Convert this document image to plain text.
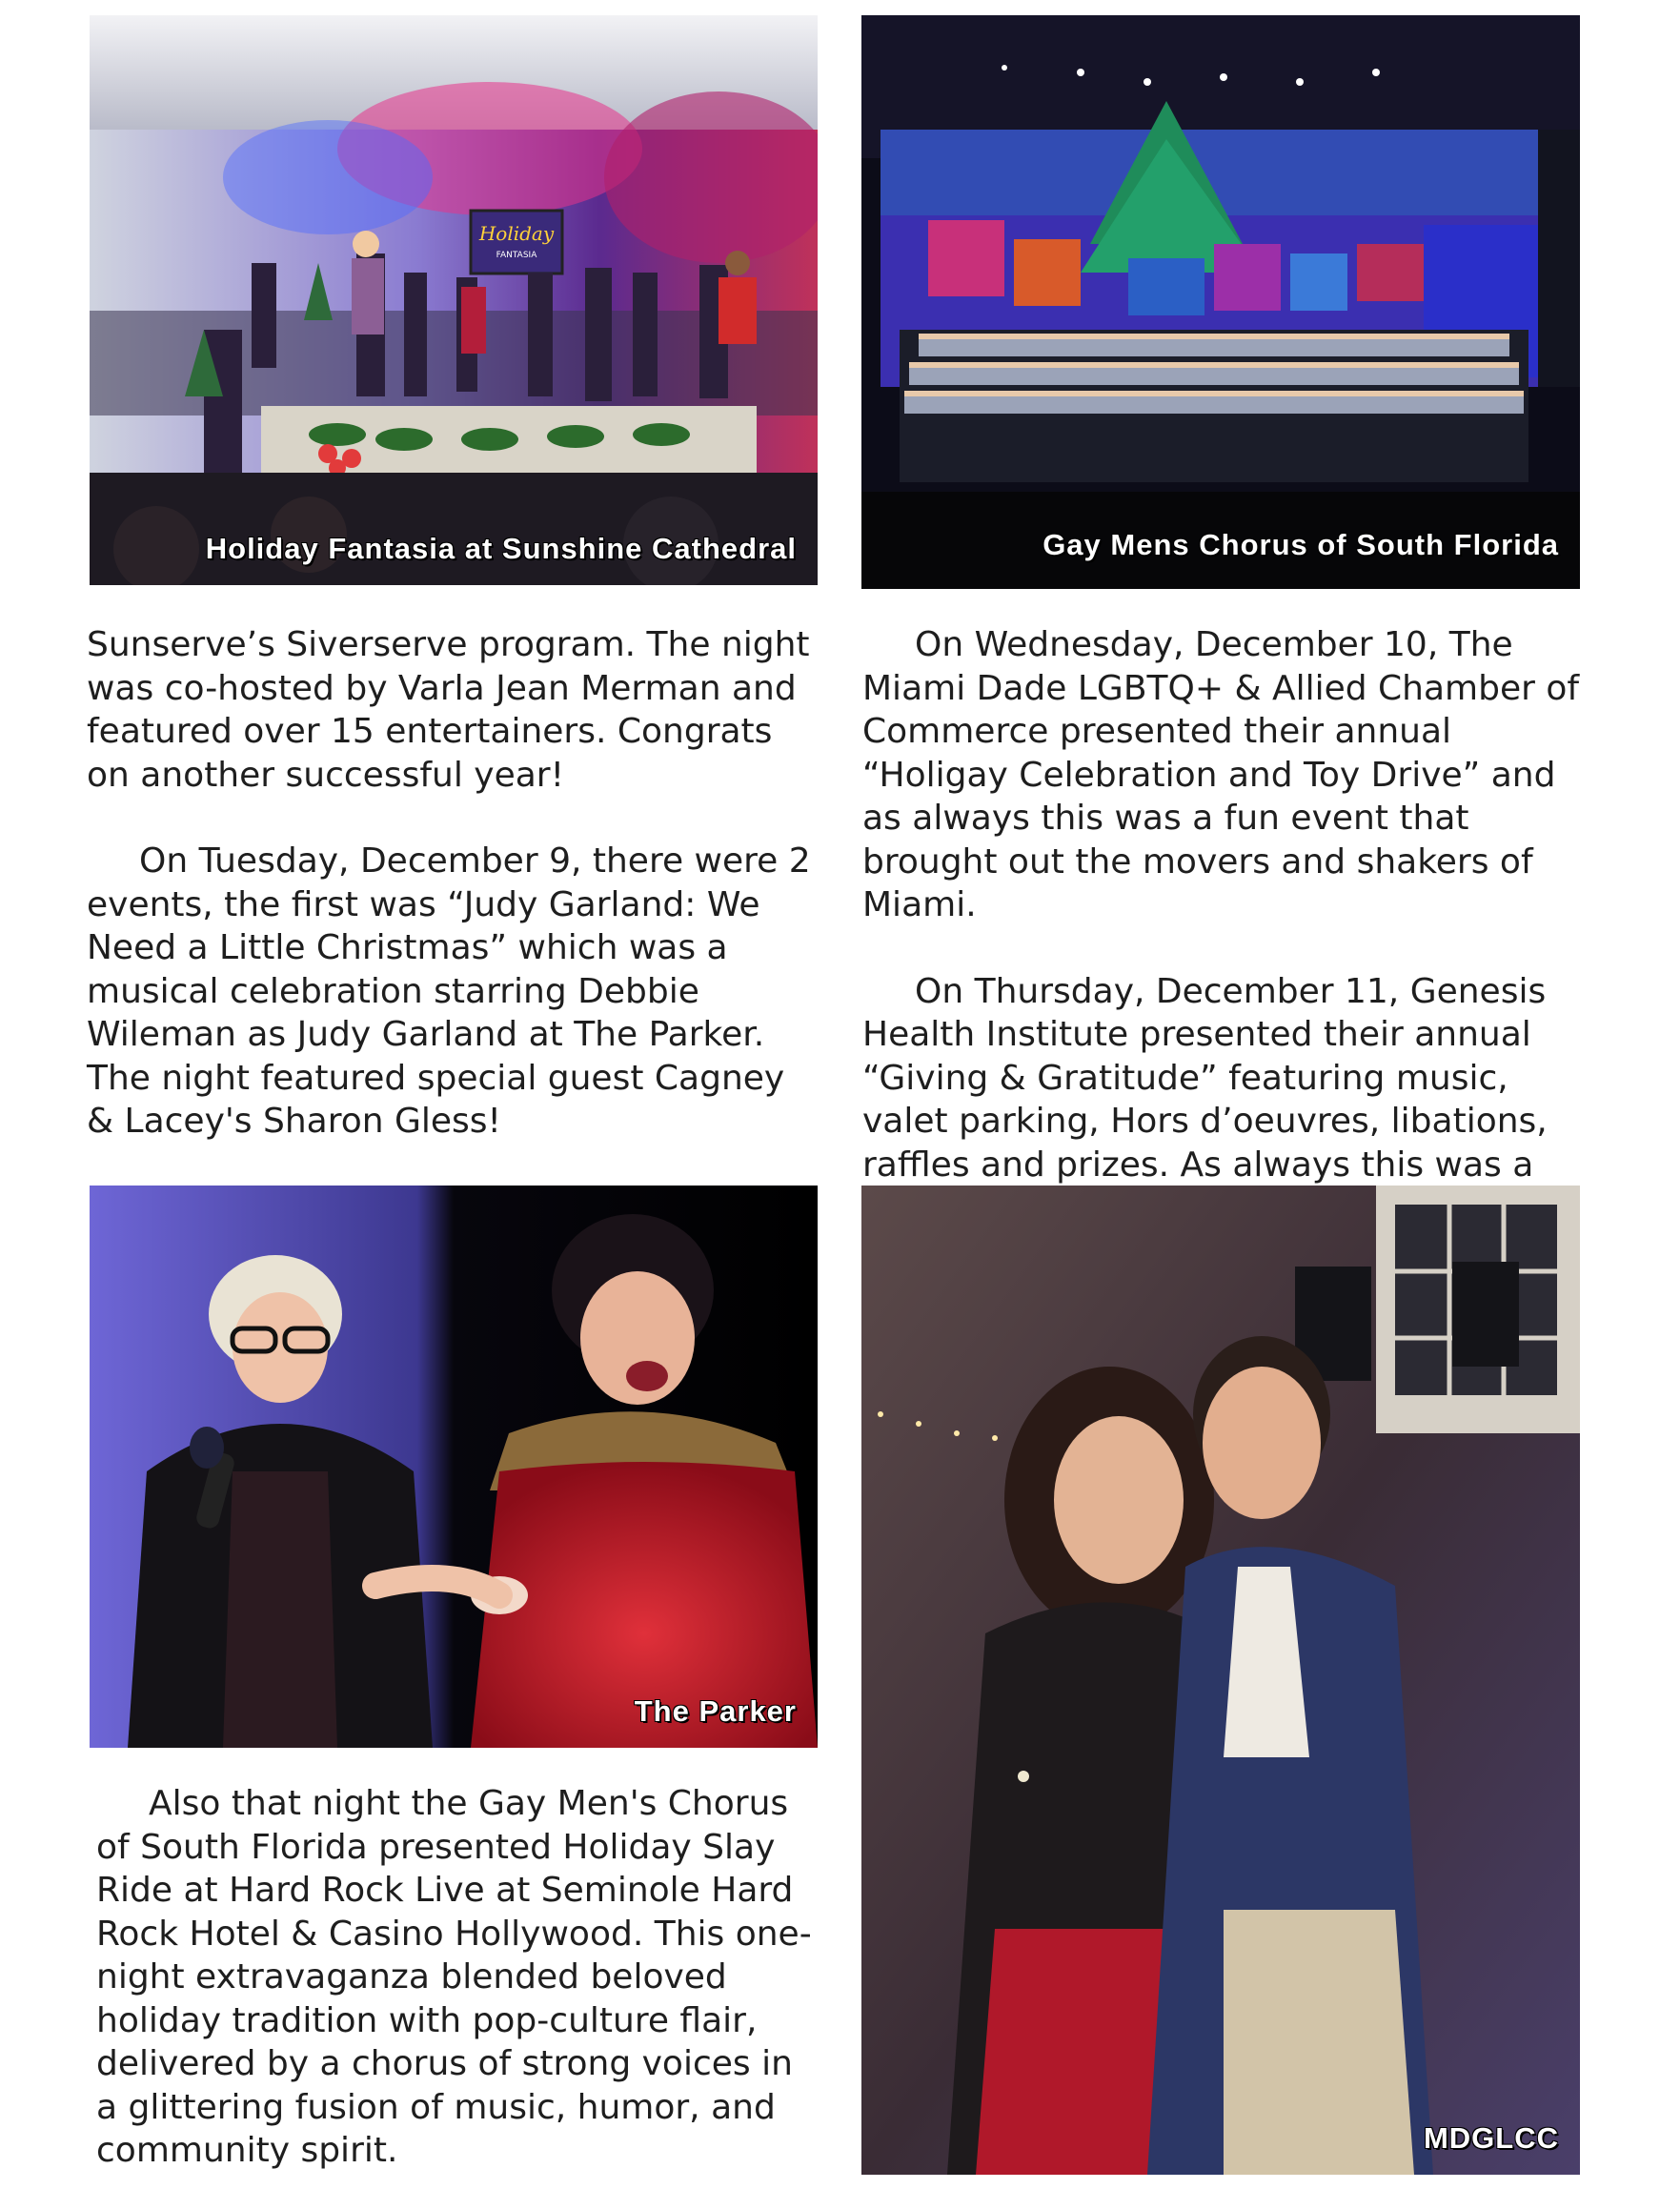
Holiday
FANTASIA
Holiday Fantasia at Sunshine Cathedral	Gay Mens Chorus of South Florida

Sunserve’s Siverserve program. The night was co-hosted by Varla Jean Merman and featured over 15 entertainers. Congrats on another successful year!

On Tuesday, December 9, there were 2 events, the first was “Judy Garland: We Need a Little Christmas” which was a musical celebration starring Debbie Wileman as Judy Garland at The Parker. The night featured special guest Cagney & Lacey's Sharon Gless!

On Wednesday, December 10, The Miami Dade LGBTQ+ & Allied Chamber of Commerce presented their annual “Holigay Celebration and Toy Drive” and as always this was a fun event that brought out the movers and shakers of Miami.

On Thursday, December 11, Genesis Health Institute presented their annual “Giving & Gratitude” featuring music, valet parking, Hors d’oeuvres, libations, raffles and prizes. As always this was a

The Parker

Also that night the Gay Men's Chorus of South Florida presented Holiday Slay Ride at Hard Rock Live at Seminole Hard Rock Hotel & Casino Hollywood. This one-night extravaganza blended beloved holiday tradition with pop-culture flair, delivered by a chorus of strong voices in a glittering fusion of music, humor, and community spirit.	MDGLCC
